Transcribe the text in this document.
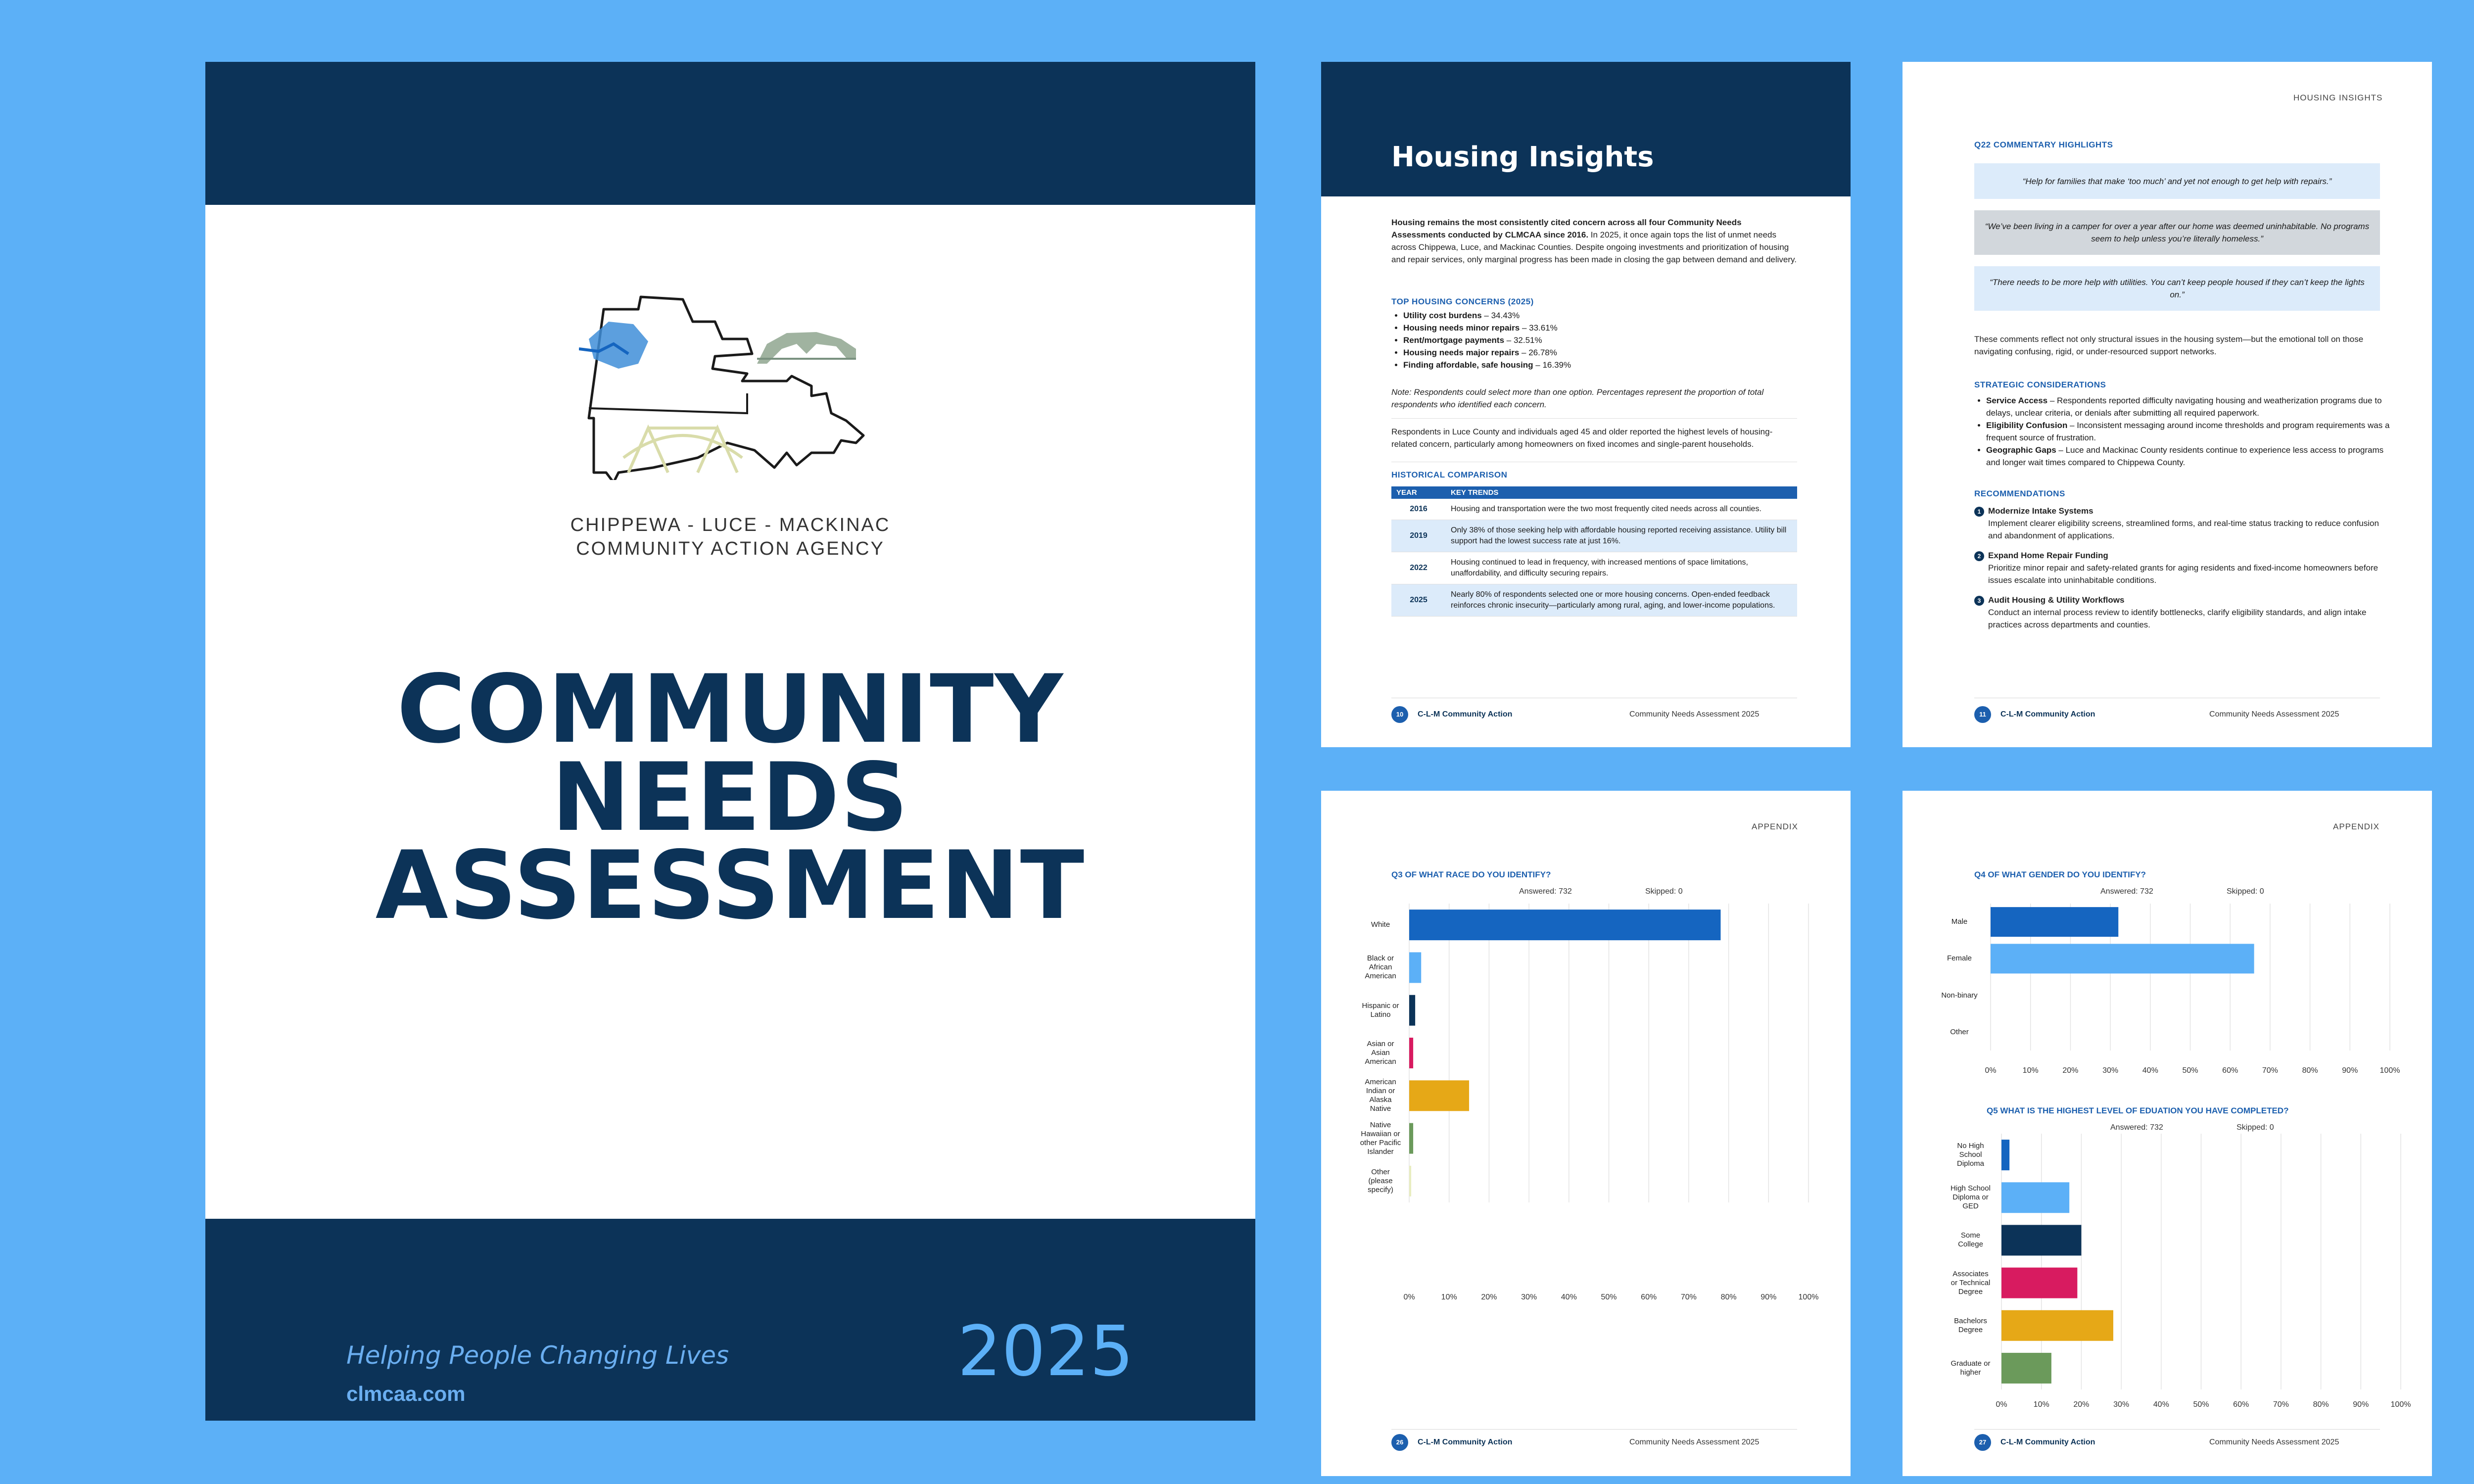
CHIPPEWA - LUCE - MACKINAC
COMMUNITY ACTION AGENCY
COMMUNITY
NEEDS
ASSESSMENT
Helping People Changing Lives
clmcaa.com
2025
Housing Insights
Housing remains the most consistently cited concern across all four Community Needs Assessments conducted by CLMCAA since 2016. In 2025, it once again tops the list of unmet needs across Chippewa, Luce, and Mackinac Counties. Despite ongoing investments and prioritization of housing and repair services, only marginal progress has been made in closing the gap between demand and delivery.
TOP HOUSING CONCERNS (2025)
• Utility cost burdens – 34.43%
• Housing needs minor repairs – 33.61%
• Rent/mortgage payments – 32.51%
• Housing needs major repairs – 26.78%
• Finding affordable, safe housing – 16.39%
Note: Respondents could select more than one option. Percentages represent the proportion of total respondents who identified each concern.
Respondents in Luce County and individuals aged 45 and older reported the highest levels of housing-related concern, particularly among homeowners on fixed incomes and single-parent households.
HISTORICAL COMPARISON
YEAR	KEY TRENDS
2016	Housing and transportation were the two most frequently cited needs across all counties.
2019	Only 38% of those seeking help with affordable housing reported receiving assistance. Utility bill support had the lowest success rate at just 16%.
2022	Housing continued to lead in frequency, with increased mentions of space limitations, unaffordability, and difficulty securing repairs.
2025	Nearly 80% of respondents selected one or more housing concerns. Open-ended feedback reinforces chronic insecurity—particularly among rural, aging, and lower-income populations.
10	C-L-M Community Action	Community Needs Assessment 2025
HOUSING INSIGHTS
Q22 COMMENTARY HIGHLIGHTS
“Help for families that make ‘too much’ and yet not enough to get help with repairs.”
“We’ve been living in a camper for over a year after our home was deemed uninhabitable. No programs seem to help unless you’re literally homeless.”
“There needs to be more help with utilities. You can’t keep people housed if they can’t keep the lights on.”
These comments reflect not only structural issues in the housing system—but the emotional toll on those navigating confusing, rigid, or under-resourced support networks.
STRATEGIC CONSIDERATIONS
• Service Access – Respondents reported difficulty navigating housing and weatherization programs due to delays, unclear criteria, or denials after submitting all required paperwork.
• Eligibility Confusion – Inconsistent messaging around income thresholds and program requirements was a frequent source of frustration.
• Geographic Gaps – Luce and Mackinac County residents continue to experience less access to programs and longer wait times compared to Chippewa County.
RECOMMENDATIONS
1 Modernize Intake Systems
Implement clearer eligibility screens, streamlined forms, and real-time status tracking to reduce confusion and abandonment of applications.
2 Expand Home Repair Funding
Prioritize minor repair and safety-related grants for aging residents and fixed-income homeowners before issues escalate into uninhabitable conditions.
3 Audit Housing & Utility Workflows
Conduct an internal process review to identify bottlenecks, clarify eligibility standards, and align intake practices across departments and counties.
11	C-L-M Community Action	Community Needs Assessment 2025
APPENDIX
Q3 OF WHAT RACE DO YOU IDENTIFY?
Answered: 732	Skipped: 0
26	C-L-M Community Action	Community Needs Assessment 2025
0%	10%	20%	30%	40%	50%	60%	70%	80%	90%	100%
White
Black or
African
American
Hispanic or
Latino
Asian or
Asian
American
American
Indian or
Alaska
Native
Native
Hawaiian or
other Pacific
Islander
Other
(please
specify)
APPENDIX
Q4 OF WHAT GENDER DO YOU IDENTIFY?
Answered: 732	Skipped: 0
Q5 WHAT IS THE HIGHEST LEVEL OF EDUATION YOU HAVE COMPLETED?
Answered: 732	Skipped: 0
27	C-L-M Community Action	Community Needs Assessment 2025
0%	10%	20%	30%	40%	50%	60%	70%	80%	90%	100%
Male
Female
Non-binary
Other
0%	10%	20%	30%	40%	50%	60%	70%	80%	90%	100%
No High
School
Diploma
High School
Diploma or
GED
Some
College
Associates
or Technical
Degree
Bachelors
Degree
Graduate or
higher
